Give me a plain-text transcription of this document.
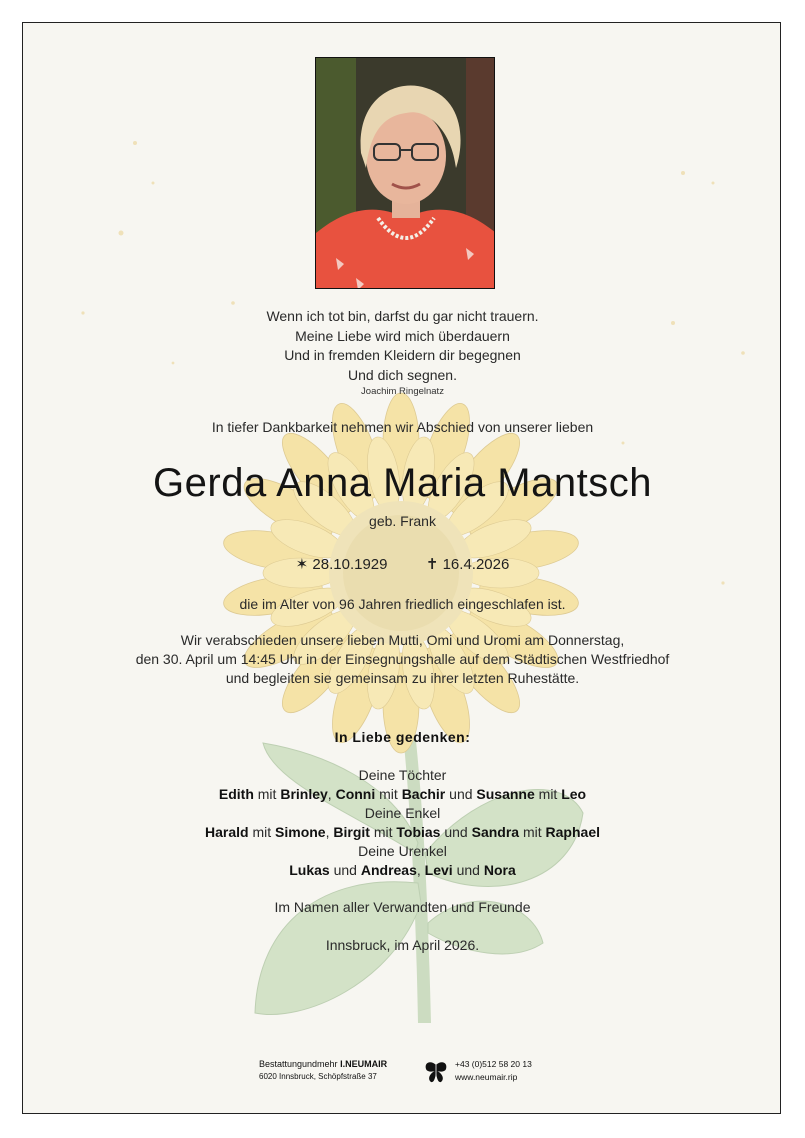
Wenn ich tot bin, darfst du gar nicht trauern.
Meine Liebe wird mich überdauern
Und in fremden Kleidern dir begegnen
Und dich segnen.
Joachim Ringelnatz
In tiefer Dankbarkeit nehmen wir Abschied von unserer lieben
Gerda Anna Maria Mantsch
geb. Frank
✶ 28.10.1929	✝ 16.4.2026
die im Alter von 96 Jahren friedlich eingeschlafen ist.
Wir verabschieden unsere lieben Mutti, Omi und Uromi am Donnerstag,
den 30. April um 14:45 Uhr in der Einsegnungshalle auf dem Städtischen Westfriedhof
und begleiten sie gemeinsam zu ihrer letzten Ruhestätte.
In Liebe gedenken:
Deine Töchter
Edith mit Brinley, Conni mit Bachir und Susanne mit Leo
Deine Enkel
Harald mit Simone, Birgit mit Tobias und Sandra mit Raphael
Deine Urenkel
Lukas und Andreas, Levi und Nora
Im Namen aller Verwandten und Freunde
Innsbruck, im April 2026.
Bestattungundmehr I.NEUMAIR
6020 Innsbruck, Schöpfstraße 37
+43 (0)512 58 20 13
www.neumair.rip
